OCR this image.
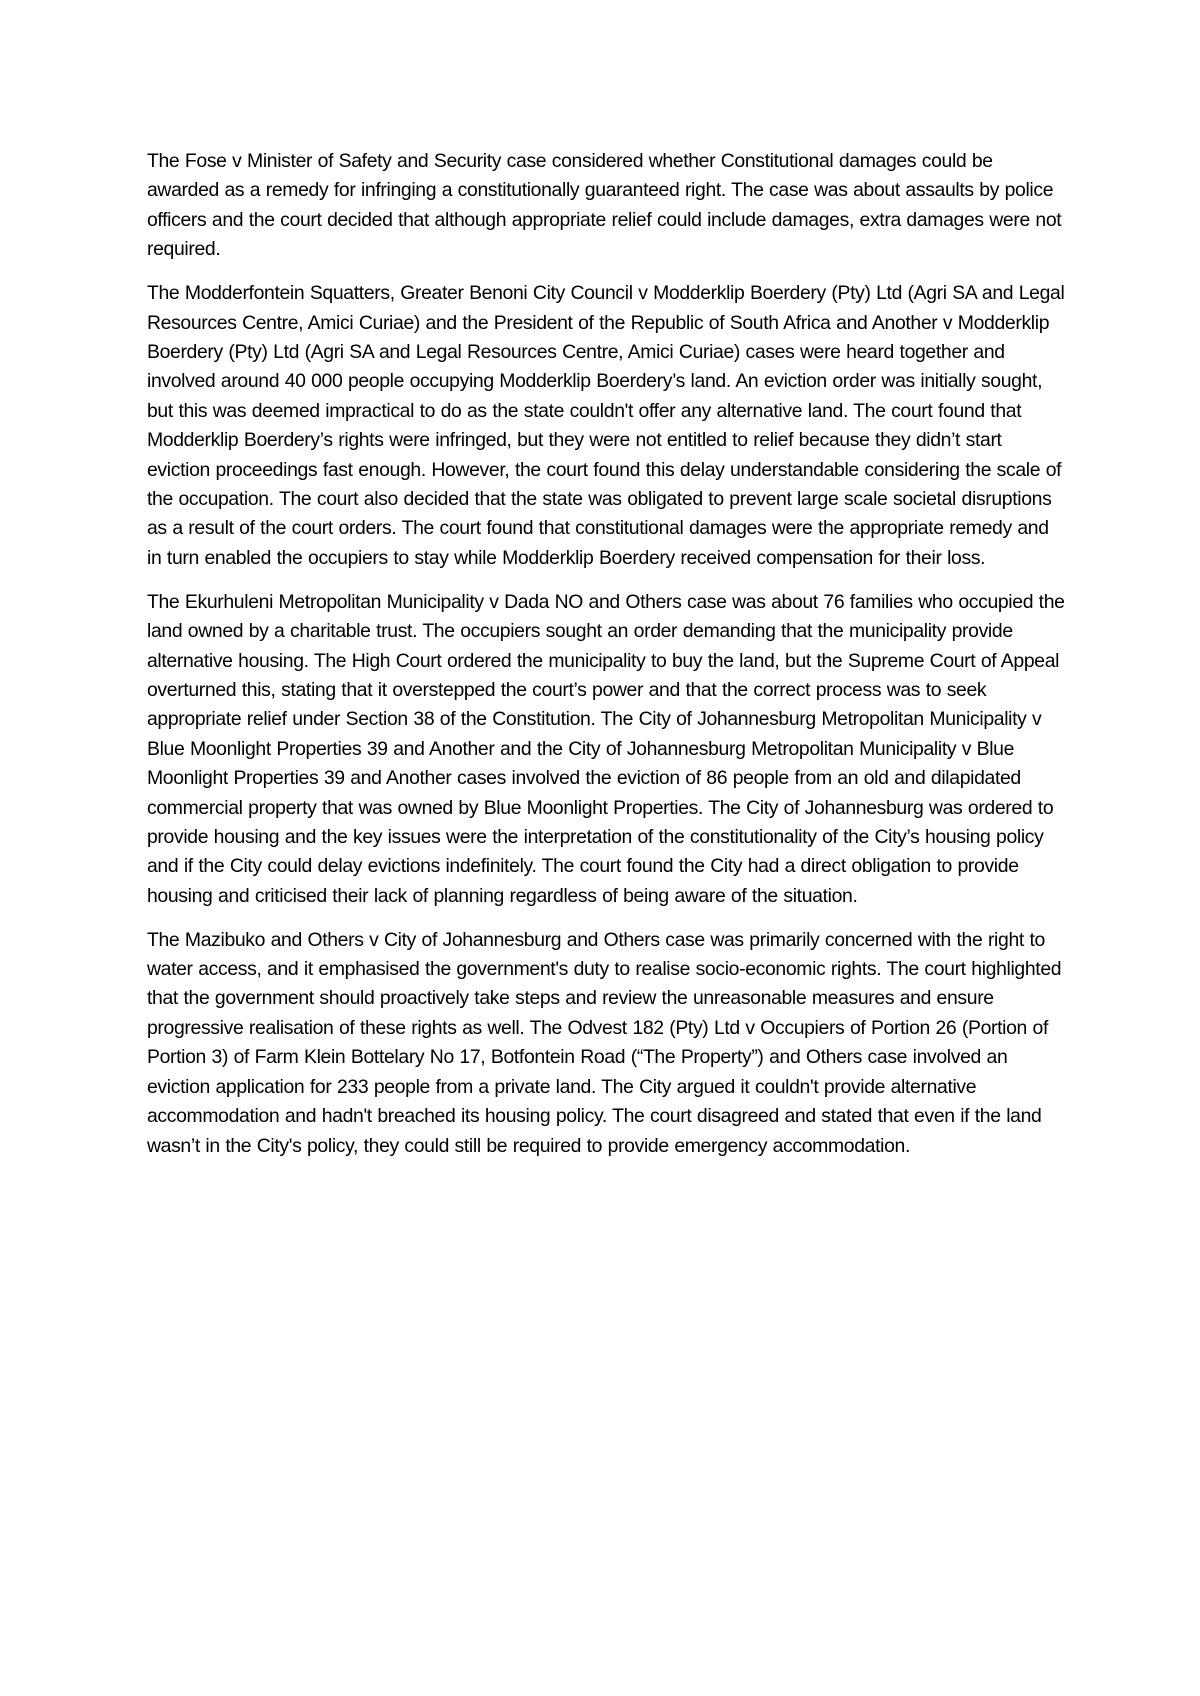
The Fose v Minister of Safety and Security case considered whether Constitutional damages could be awarded as a remedy for infringing a constitutionally guaranteed right. The case was about assaults by police officers and the court decided that although appropriate relief could include damages, extra damages were not required.

The Modderfontein Squatters, Greater Benoni City Council v Modderklip Boerdery (Pty) Ltd (Agri SA and Legal Resources Centre, Amici Curiae) and the President of the Republic of South Africa and Another v Modderklip Boerdery (Pty) Ltd (Agri SA and Legal Resources Centre, Amici Curiae) cases were heard together and involved around 40 000 people occupying Modderklip Boerdery’s land. An eviction order was initially sought, but this was deemed impractical to do as the state couldn't offer any alternative land. The court found that Modderklip Boerdery’s rights were infringed, but they were not entitled to relief because they didn’t start eviction proceedings fast enough. However, the court found this delay understandable considering the scale of the occupation. The court also decided that the state was obligated to prevent large scale societal disruptions as a result of the court orders. The court found that constitutional damages were the appropriate remedy and in turn enabled the occupiers to stay while Modderklip Boerdery received compensation for their loss.

The Ekurhuleni Metropolitan Municipality v Dada NO and Others case was about 76 families who occupied the land owned by a charitable trust. The occupiers sought an order demanding that the municipality provide alternative housing. The High Court ordered the municipality to buy the land, but the Supreme Court of Appeal overturned this, stating that it overstepped the court’s power and that the correct process was to seek appropriate relief under Section 38 of the Constitution. The City of Johannesburg Metropolitan Municipality v Blue Moonlight Properties 39 and Another and the City of Johannesburg Metropolitan Municipality v Blue Moonlight Properties 39 and Another cases involved the eviction of 86 people from an old and dilapidated commercial property that was owned by Blue Moonlight Properties. The City of Johannesburg was ordered to provide housing and the key issues were the interpretation of the constitutionality of the City’s housing policy and if the City could delay evictions indefinitely. The court found the City had a direct obligation to provide housing and criticised their lack of planning regardless of being aware of the situation.

The Mazibuko and Others v City of Johannesburg and Others case was primarily concerned with the right to water access, and it emphasised the government's duty to realise socio-economic rights. The court highlighted that the government should proactively take steps and review the unreasonable measures and ensure progressive realisation of these rights as well. The Odvest 182 (Pty) Ltd v Occupiers of Portion 26 (Portion of Portion 3) of Farm Klein Bottelary No 17, Botfontein Road (“The Property”) and Others case involved an eviction application for 233 people from a private land. The City argued it couldn't provide alternative accommodation and hadn't breached its housing policy. The court disagreed and stated that even if the land wasn’t in the City's policy, they could still be required to provide emergency accommodation.
